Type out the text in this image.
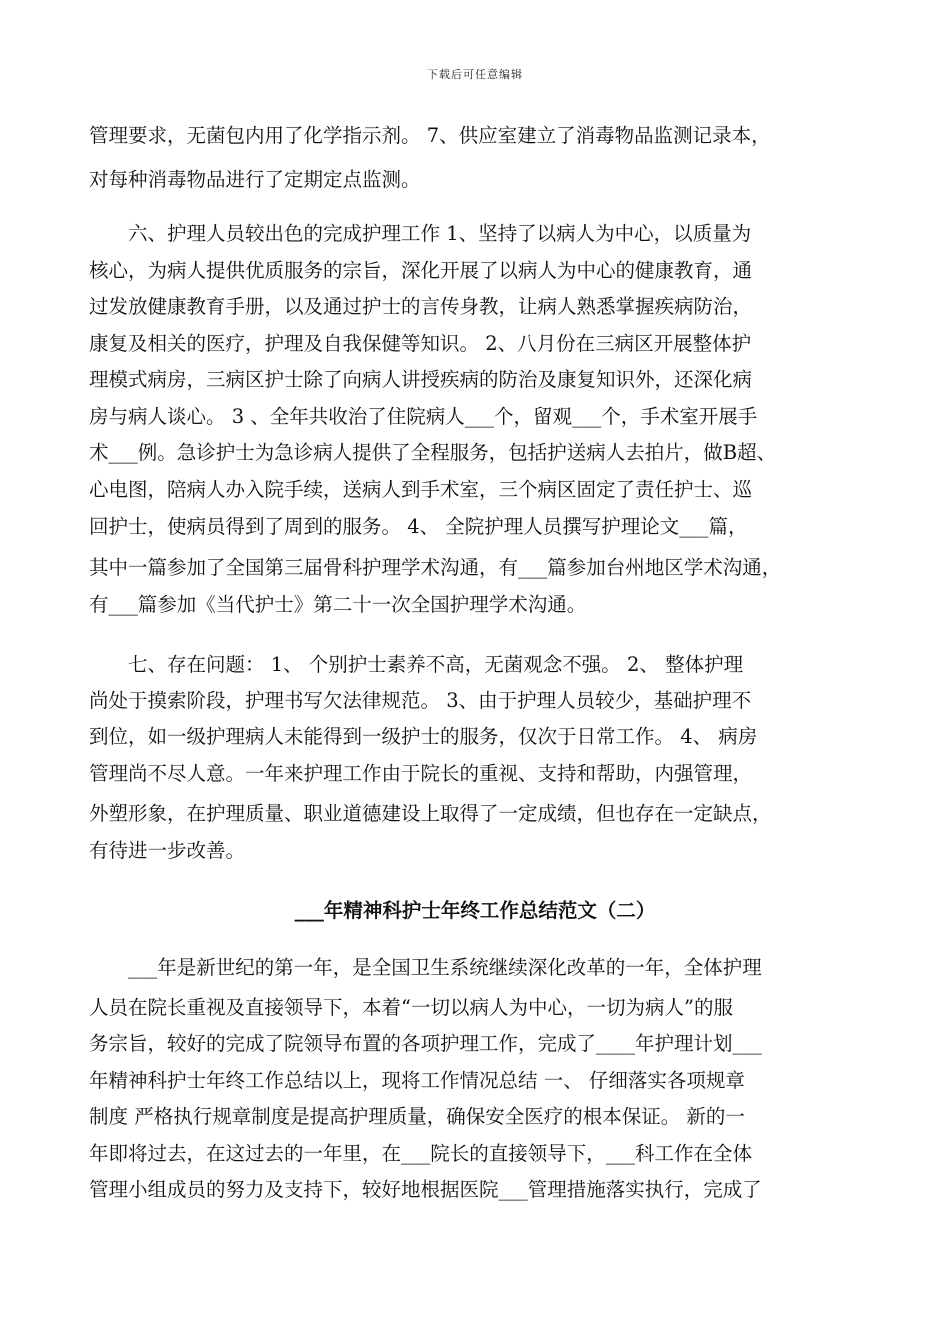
下载后可任意编辑
管理要求，无菌包内用了化学指示剂。 7、供应室建立了消毒物品监测记录本，
对每种消毒物品进行了定期定点监测。
　　六、护理人员较出色的完成护理工作 1、坚持了以病人为中心，以质量为
核心，为病人提供优质服务的宗旨，深化开展了以病人为中心的健康教育，通
过发放健康教育手册，以及通过护士的言传身教，让病人熟悉掌握疾病防治，
康复及相关的医疗，护理及自我保健等知识。 2、八月份在三病区开展整体护
理模式病房，三病区护士除了向病人讲授疾病的防治及康复知识外，还深化病
房与病人谈心。 3 、全年共收治了住院病人___个，留观___个，手术室开展手
术___例。急诊护士为急诊病人提供了全程服务，包括护送病人去拍片，做B超、
心电图，陪病人办入院手续，送病人到手术室，三个病区固定了责任护士、巡
回护士，使病员得到了周到的服务。 4、 全院护理人员撰写护理论文___篇，
其中一篇参加了全国第三届骨科护理学术沟通，有___篇参加台州地区学术沟通，
有___篇参加《当代护士》第二十一次全国护理学术沟通。
　　七、存在问题： 1、 个别护士素养不高，无菌观念不强。 2、 整体护理
尚处于摸索阶段，护理书写欠法律规范。 3、由于护理人员较少，基础护理不
到位，如一级护理病人未能得到一级护士的服务，仅次于日常工作。 4、 病房
管理尚不尽人意。一年来护理工作由于院长的重视、支持和帮助，内强管理，
外塑形象，在护理质量、职业道德建设上取得了一定成绩，但也存在一定缺点，
有待进一步改善。
___年精神科护士年终工作总结范文（二）
　　___年是新世纪的第一年，是全国卫生系统继续深化改革的一年，全体护理
人员在院长重视及直接领导下，本着“一切以病人为中心，一切为病人”的服
务宗旨，较好的完成了院领导布置的各项护理工作，完成了____年护理计划___
年精神科护士年终工作总结以上，现将工作情况总结 一、 仔细落实各项规章
制度 严格执行规章制度是提高护理质量，确保安全医疗的根本保证。 新的一
年即将过去，在这过去的一年里，在___院长的直接领导下，___科工作在全体
管理小组成员的努力及支持下，较好地根据医院___管理措施落实执行，完成了
